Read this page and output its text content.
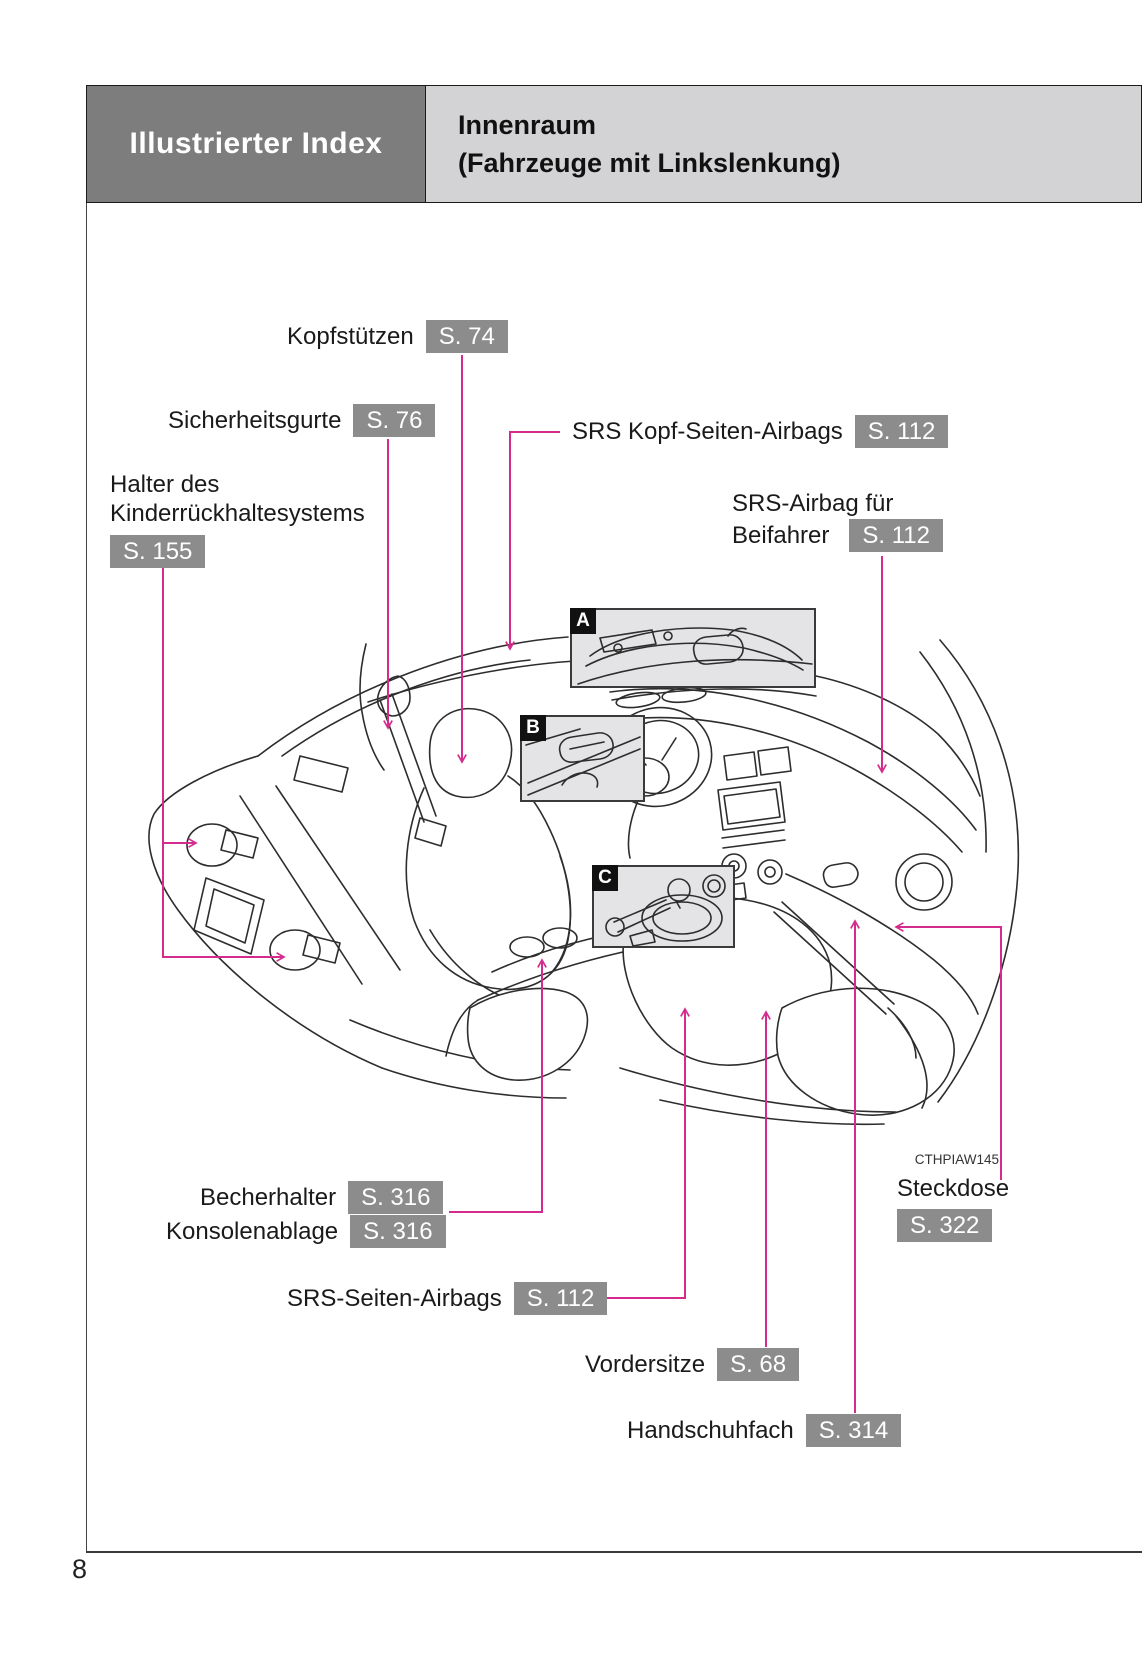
Illustrierter Index
Innenraum
(Fahrzeuge mit Linkslenkung)
8
A
B
C
Kopfstützen	S. 74
Sicherheitsgurte	S. 76	SRS Kopf-Seiten-Airbags	S. 112
Halter des
Kinderrückhaltesystems
S. 155
SRS-Airbag für
Beifahrer	S. 112
Becherhalter	S. 316
Konsolenablage	S. 316
SRS-Seiten-Airbags	S. 112
Vordersitze	S. 68
Handschuhfach	S. 314
CTHPIAW145
Steckdose
S. 322
